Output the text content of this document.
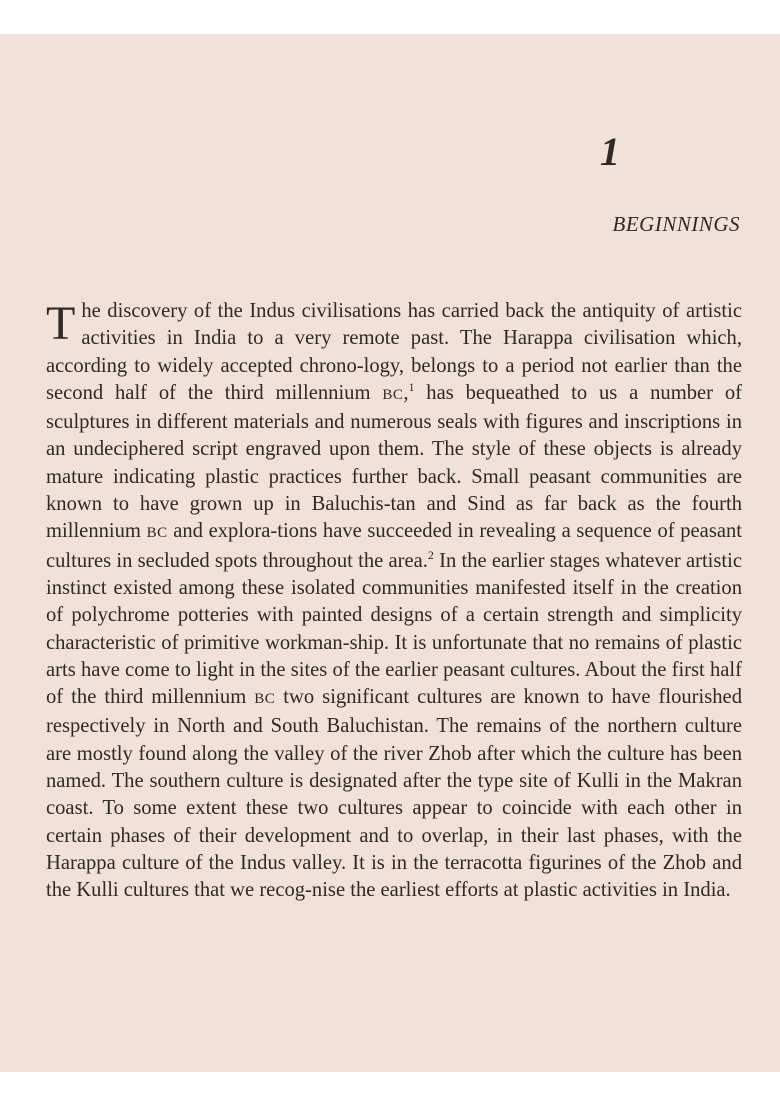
1
BEGINNINGS

The discovery of the Indus civilisations has carried back the antiquity of artistic activities in India to a very remote past. The Harappa civilisation which, according to widely accepted chrono-logy, belongs to a period not earlier than the second half of the third millennium BC,$^1$ has bequeathed to us a number of sculptures in different materials and numerous seals with figures and inscriptions in an undeciphered script engraved upon them. The style of these objects is already mature indicating plastic practices further back. Small peasant communities are known to have grown up in Baluchis-tan and Sind as far back as the fourth millennium BC and explora-tions have succeeded in revealing a sequence of peasant cultures in secluded spots throughout the area.$^2$ In the earlier stages whatever artistic instinct existed among these isolated communities manifested itself in the creation of polychrome potteries with painted designs of a certain strength and simplicity characteristic of primitive workman-ship. It is unfortunate that no remains of plastic arts have come to light in the sites of the earlier peasant cultures. About the first half of the third millennium BC two significant cultures are known to have flourished respectively in North and South Baluchistan. The remains of the northern culture are mostly found along the valley of the river Zhob after which the culture has been named. The southern culture is designated after the type site of Kulli in the Makran coast. To some extent these two cultures appear to coincide with each other in certain phases of their development and to overlap, in their last phases, with the Harappa culture of the Indus valley. It is in the terracotta figurines of the Zhob and the Kulli cultures that we recog-nise the earliest efforts at plastic activities in India.
